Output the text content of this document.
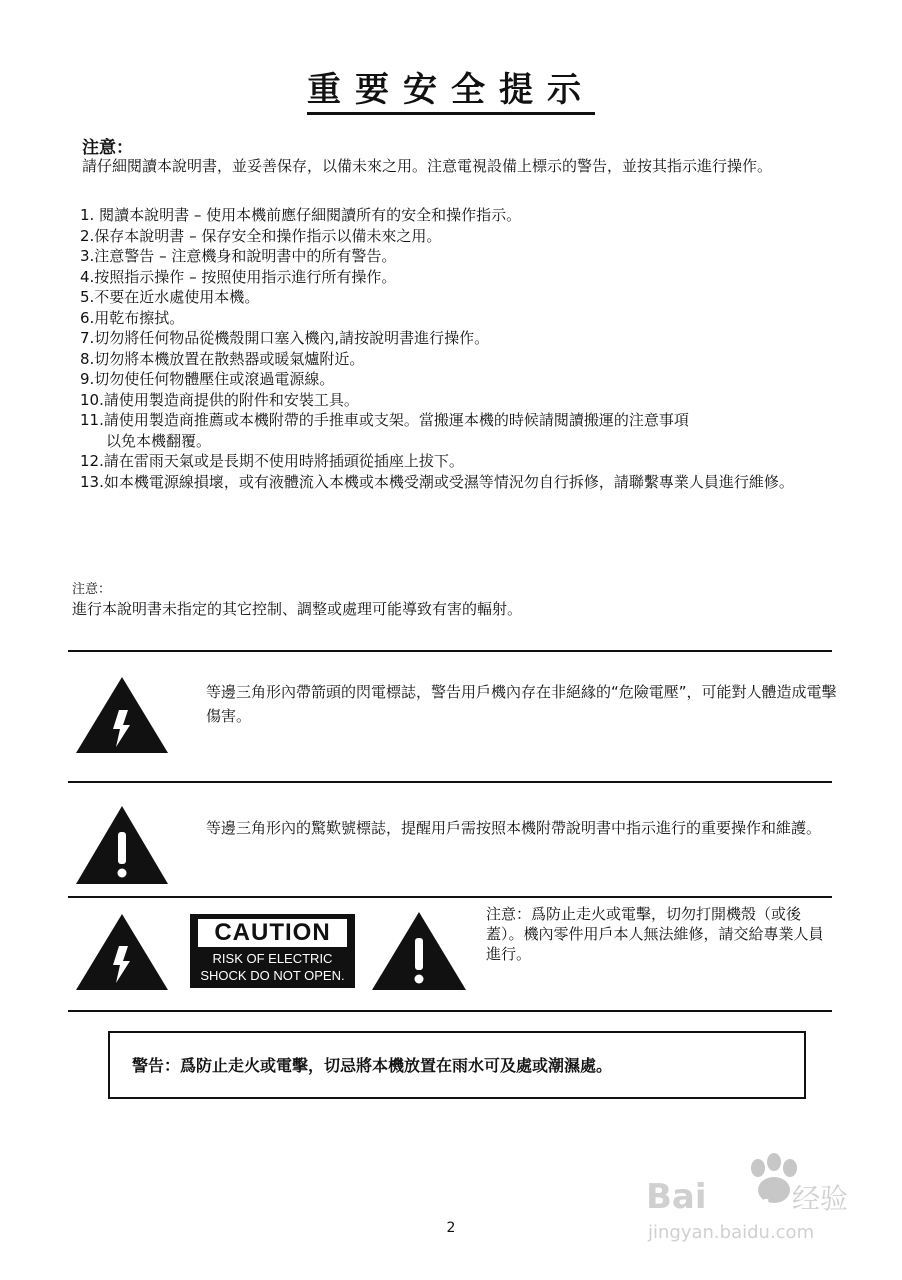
重要安全提示
注意：
請仔細閱讀本說明書，並妥善保存，以備未來之用。注意電視設備上標示的警告，並按其指示進行操作。
1. 閱讀本說明書 – 使用本機前應仔細閱讀所有的安全和操作指示。
2.保存本說明書 – 保存安全和操作指示以備未來之用。
3.注意警告 – 注意機身和說明書中的所有警告。
4.按照指示操作 – 按照使用指示進行所有操作。
5.不要在近水處使用本機。
6.用乾布擦拭。
7.切勿將任何物品從機殼開口塞入機內,請按說明書進行操作。
8.切勿將本機放置在散熱器或暖氣爐附近。
9.切勿使任何物體壓住或滾過電源線。
10.請使用製造商提供的附件和安裝工具。
11.請使用製造商推薦或本機附帶的手推車或支架。當搬運本機的時候請閱讀搬運的注意事項
以免本機翻覆。
12.請在雷雨天氣或是長期不使用時將插頭從插座上拔下。
13.如本機電源線損壞，或有液體流入本機或本機受潮或受濕等情況勿自行拆修，請聯繫專業人員進行維修。
注意：
進行本說明書未指定的其它控制、調整或處理可能導致有害的輻射。
等邊三角形內帶箭頭的閃電標誌，警告用戶機內存在非絕緣的“危險電壓”，可能對人體造成電擊傷害。
等邊三角形內的驚歎號標誌，提醒用戶需按照本機附帶說明書中指示進行的重要操作和維護。
CAUTION
RISK OF ELECTRIC
SHOCK DO NOT OPEN.
注意：爲防止走火或電擊，切勿打開機殼（或後蓋）。機內零件用戶本人無法維修，請交給專業人員進行。
警告：爲防止走火或電擊，切忌將本機放置在雨水可及處或潮濕處。
2
Bai du 经验
jingyan.baidu.com
